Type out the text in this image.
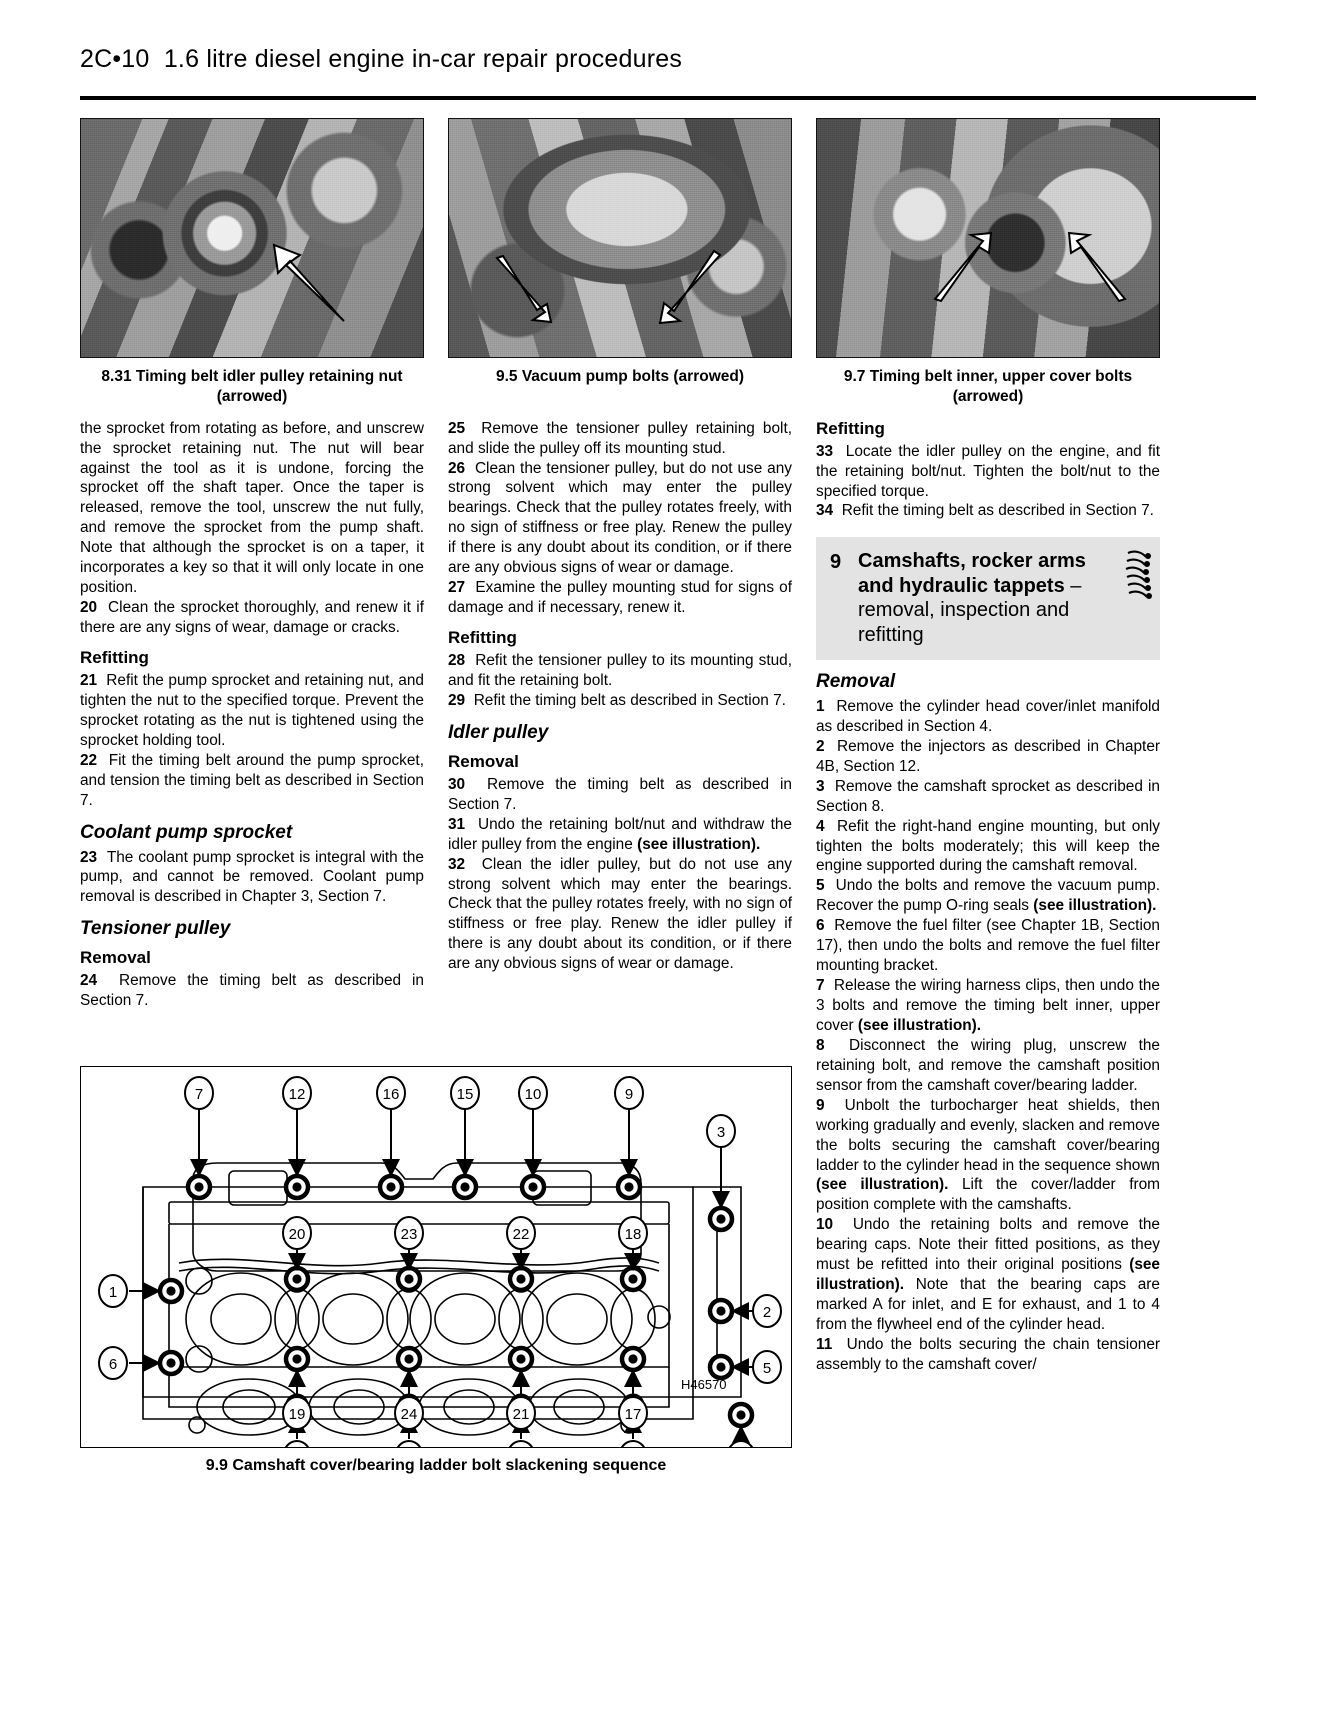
2C•10 1.6 litre diesel engine in-car repair procedures
8.31 Timing belt idler pulley retaining nut (arrowed)
9.5 Vacuum pump bolts (arrowed)	9.7 Timing belt inner, upper cover bolts (arrowed)

the sprocket from rotating as before, and unscrew the sprocket retaining nut. The nut will bear against the tool as it is undone, forcing the sprocket off the shaft taper. Once the taper is released, remove the tool, unscrew the nut fully, and remove the sprocket from the pump shaft. Note that although the sprocket is on a taper, it incorporates a key so that it will only locate in one position.

20 Clean the sprocket thoroughly, and renew it if there are any signs of wear, damage or cracks.

Refitting

21 Refit the pump sprocket and retaining nut, and tighten the nut to the specified torque. Prevent the sprocket rotating as the nut is tightened using the sprocket holding tool.

22 Fit the timing belt around the pump sprocket, and tension the timing belt as described in Section 7.

Coolant pump sprocket

23 The coolant pump sprocket is integral with the pump, and cannot be removed. Coolant pump removal is described in Chapter 3, Section 7.

Tensioner pulley
Removal

24 Remove the timing belt as described in Section 7.

25 Remove the tensioner pulley retaining bolt, and slide the pulley off its mounting stud.

26 Clean the tensioner pulley, but do not use any strong solvent which may enter the pulley bearings. Check that the pulley rotates freely, with no sign of stiffness or free play. Renew the pulley if there is any doubt about its condition, or if there are any obvious signs of wear or damage.

27 Examine the pulley mounting stud for signs of damage and if necessary, renew it.

Refitting

28 Refit the tensioner pulley to its mounting stud, and fit the retaining bolt.

29 Refit the timing belt as described in Section 7.

Idler pulley
Removal

30 Remove the timing belt as described in Section 7.

31 Undo the retaining bolt/nut and withdraw the idler pulley from the engine (see illustration).

32 Clean the idler pulley, but do not use any strong solvent which may enter the bearings. Check that the pulley rotates freely, with no sign of stiffness or free play. Renew the idler pulley if there is any doubt about its condition, or if there are any obvious signs of wear or damage.

Refitting

33 Locate the idler pulley on the engine, and fit the retaining bolt/nut. Tighten the bolt/nut to the specified torque.

34 Refit the timing belt as described in Section 7.

9 Camshafts, rocker arms and hydraulic tappets – removal, inspection and refitting
Removal

1 Remove the cylinder head cover/inlet manifold as described in Section 4.

2 Remove the injectors as described in Chapter 4B, Section 12.

3 Remove the camshaft sprocket as described in Section 8.

4 Refit the right-hand engine mounting, but only tighten the bolts moderately; this will keep the engine supported during the camshaft removal.

5 Undo the bolts and remove the vacuum pump. Recover the pump O-ring seals (see illustration).

6 Remove the fuel filter (see Chapter 1B, Section 17), then undo the bolts and remove the fuel filter mounting bracket.

7 Release the wiring harness clips, then undo the 3 bolts and remove the timing belt inner, upper cover (see illustration).

8 Disconnect the wiring plug, unscrew the retaining bolt, and remove the camshaft position sensor from the camshaft cover/bearing ladder.

9 Unbolt the turbocharger heat shields, then working gradually and evenly, slacken and remove the bolts securing the camshaft cover/bearing ladder to the cylinder head in the sequence shown (see illustration). Lift the cover/ladder from position complete with the camshafts.

10 Undo the retaining bolts and remove the bearing caps. Note their fitted positions, as they must be refitted into their original positions (see illustration). Note that the bearing caps are marked A for inlet, and E for exhaust, and 1 to 4 from the flywheel end of the cylinder head.

11 Undo the bolts securing the chain tensioner assembly to the camshaft cover/

7	12	16	15	10	9
20	23	22	18
19	24	21	17
1
6
3
2
5
H46570
9.9 Camshaft cover/bearing ladder bolt slackening sequence
